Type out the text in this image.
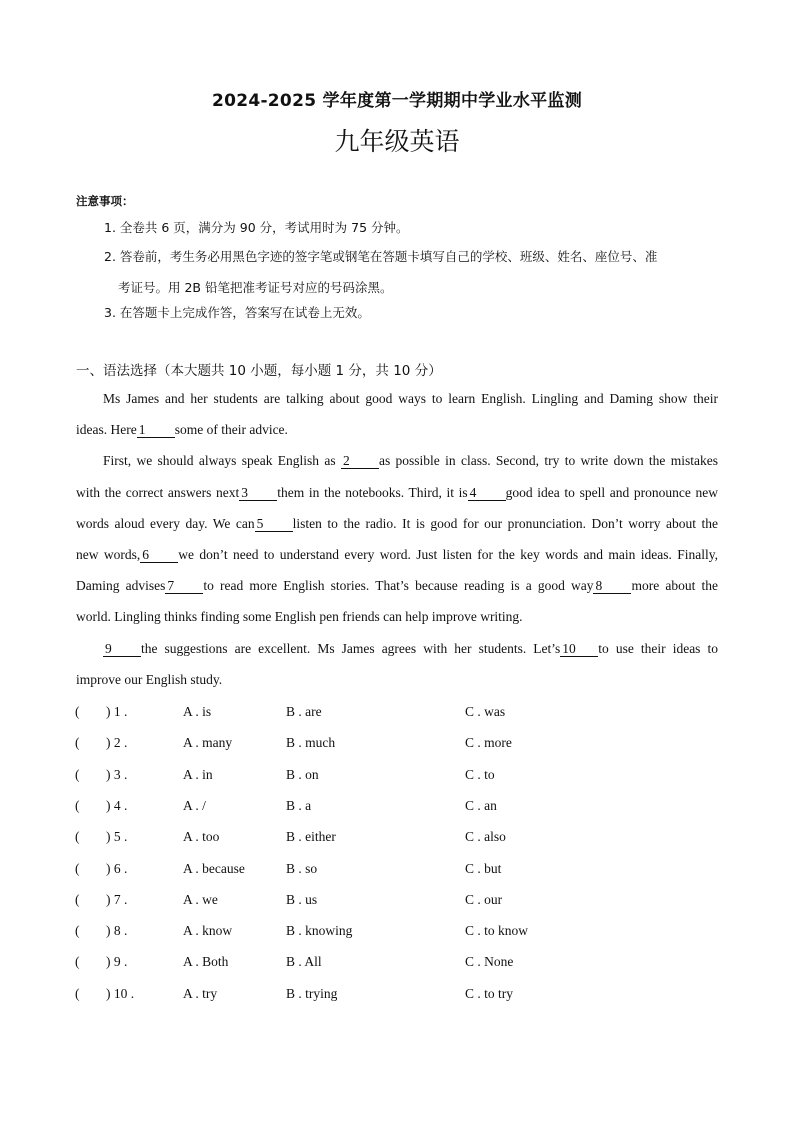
2024-2025 学年度第一学期期中学业水平监测
九年级英语
注意事项：
1. 全卷共 6 页，满分为 90 分，考试用时为 75 分钟。
2. 答卷前，考生务必用黑色字迹的签字笔或钢笔在答题卡填写自己的学校、班级、姓名、座位号、准
考证号。用 2B 铅笔把准考证号对应的号码涂黑。
3. 在答题卡上完成作答，答案写在试卷上无效。
一、语法选择（本大题共 10 小题，每小题 1 分，共 10 分）
Ms James and her students are talking about good ways to learn English. Lingling and Daming show their
ideas. Here 1 some of their advice.
First, we should always speak English as 2 as possible in class. Second, try to write down the mistakes
with the correct answers next 3 them in the notebooks. Third, it is 4 good idea to spell and pronounce new
words aloud every day. We can 5 listen to the radio. It is good for our pronunciation. Don’t worry about the
new words, 6 we don’t need to understand every word. Just listen for the key words and main ideas. Finally,
Daming advises 7 to read more English stories. That’s because reading is a good way 8 more about the
world. Lingling thinks finding some English pen friends can help improve writing.
9 the suggestions are excellent. Ms James agrees with her students. Let’s 10 to use their ideas to
improve our English study.
( ) 1 .	A . is	B . are	C . was
( ) 2 .	A . many	B . much	C . more
( ) 3 .	A . in	B . on	C . to
( ) 4 .	A . /	B . a	C . an
( ) 5 .	A . too	B . either	C . also
( ) 6 .	A . because	B . so	C . but
( ) 7 .	A . we	B . us	C . our
( ) 8 .	A . know	B . knowing	C . to know
( ) 9 .	A . Both	B . All	C . None
( ) 10 .	A . try	B . trying	C . to try
